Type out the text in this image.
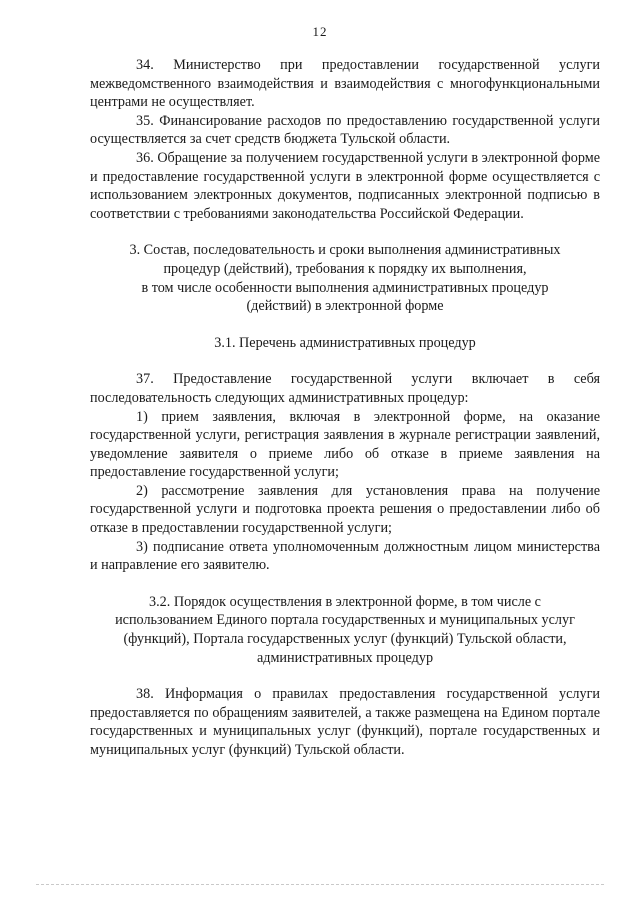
12

34. Министерство при предоставлении государственной услуги межведомственного взаимодействия и взаимодействия с многофункциональными центрами не осуществляет.

35. Финансирование расходов по предоставлению государственной услуги осуществляется за счет средств бюджета Тульской области.

36. Обращение за получением государственной услуги в электронной форме и предоставление государственной услуги в электронной форме осуществляется с использованием электронных документов, подписанных электронной подписью в соответствии с требованиями законодательства Российской Федерации.

3. Состав, последовательность и сроки выполнения административных

процедур (действий), требования к порядку их выполнения,

в том числе особенности выполнения административных процедур

(действий) в электронной форме

3.1. Перечень административных процедур

37. Предоставление государственной услуги включает в себя последовательность следующих административных процедур:

1) прием заявления, включая в электронной форме, на оказание государственной услуги, регистрация заявления в журнале регистрации заявлений, уведомление заявителя о приеме либо об отказе в приеме заявления на предоставление государственной услуги;

2) рассмотрение заявления для установления права на получение государственной услуги и подготовка проекта решения о предоставлении либо об отказе в предоставлении государственной услуги;

3) подписание ответа уполномоченным должностным лицом министерства и направление его заявителю.

3.2. Порядок осуществления в электронной форме, в том числе с

использованием Единого портала государственных и муниципальных услуг

(функций), Портала государственных услуг (функций) Тульской области,

административных процедур

38. Информация о правилах предоставления государственной услуги предоставляется по обращениям заявителей, а также размещена на Едином портале государственных и муниципальных услуг (функций), портале государственных и муниципальных услуг (функций) Тульской области.
